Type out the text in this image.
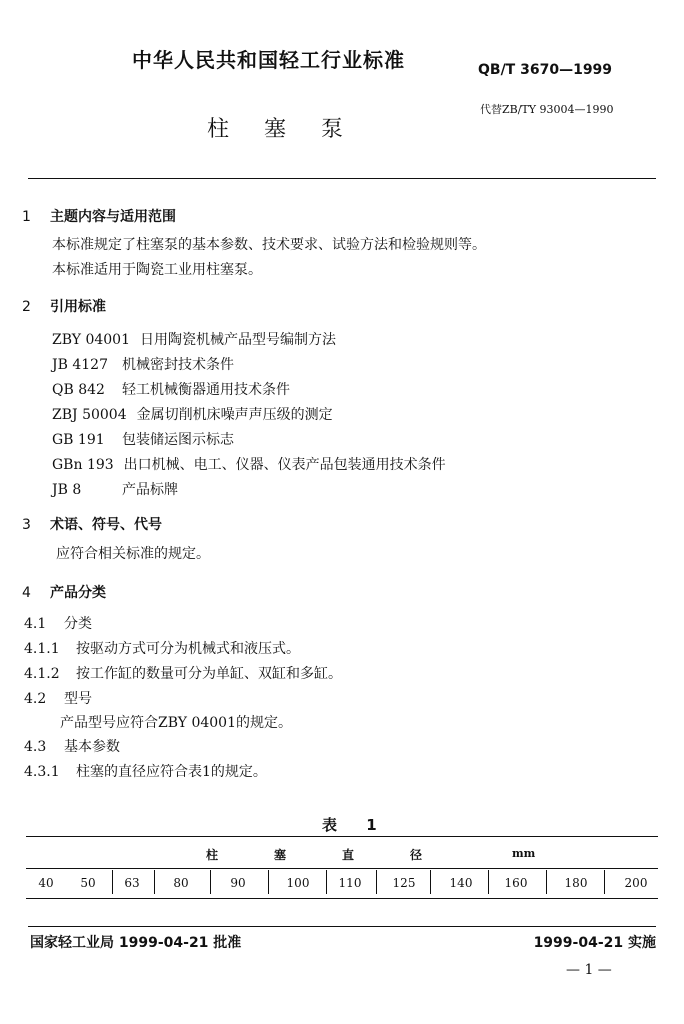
中华人民共和国轻工行业标准	QB/T 3670—1999
代替ZB/TY 93004—1990
柱 塞 泵
1 主题内容与适用范围
本标准规定了柱塞泵的基本参数、技术要求、试验方法和检验规则等。
本标准适用于陶瓷工业用柱塞泵。
2 引用标准
ZBY 04001 日用陶瓷机械产品型号编制方法
JB 4127 机械密封技术条件
QB 842 轻工机械衡器通用技术条件
ZBJ 50004 金属切削机床噪声声压级的测定
GB 191 包装储运图示标志
GBn 193 出口机械、电工、仪器、仪表产品包装通用技术条件
JB 8	产品标牌
3 术语、符号、代号
应符合相关标准的规定。
4 产品分类
4.1 分类
4.1.1 按驱动方式可分为机械式和液压式。
4.1.2 按工作缸的数量可分为单缸、双缸和多缸。
4.2 型号
产品型号应符合ZBY 04001的规定。
4.3 基本参数
4.3.1 柱塞的直径应符合表1的规定。
表 1
柱	塞	直	径	mm
40	50	63	80	90	100	110	125	140	160	180	200
国家轻工业局 1999-04-21 批准	1999-04-21 实施
— 1 —
